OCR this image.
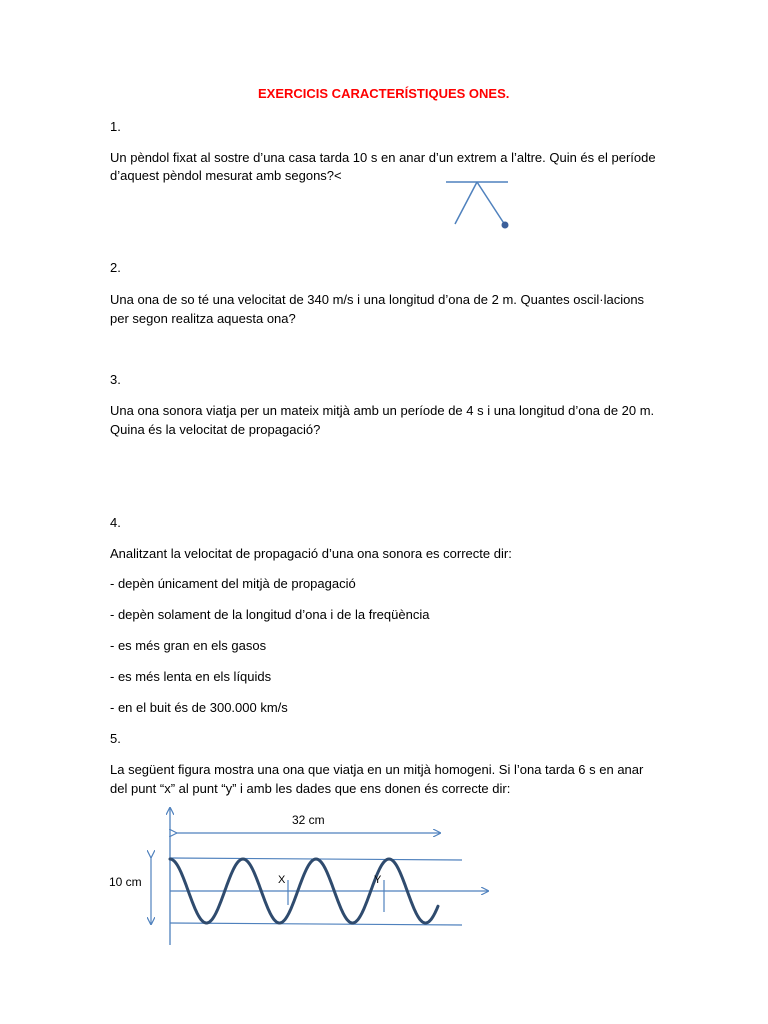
EXERCICIS CARACTERÍSTIQUES ONES.
1.
Un pèndol fixat al sostre d’una casa tarda 10 s en anar d’un extrem a l’altre. Quin és el període
d’aquest pèndol mesurat amb segons?<
2.
Una ona de so té una velocitat de 340 m/s i una longitud d’ona de 2 m. Quantes oscil·lacions
per segon realitza aquesta ona?
3.
Una ona sonora viatja per un mateix mitjà amb un període de 4 s i una longitud d’ona de 20 m.
Quina és la velocitat de propagació?
4.
Analitzant la velocitat de propagació d’una ona sonora es correcte dir:
- depèn únicament del mitjà de propagació
- depèn solament de la longitud d’ona i de la freqüència
- es més gran en els gasos
- es més lenta en els líquids
- en el buit és de 300.000 km/s
5.
La següent figura mostra una ona que viatja en un mitjà homogeni. Si l’ona tarda 6 s en anar
del punt “x” al punt “y” i amb les dades que ens donen és correcte dir:
32 cm
10 cm	X	Y
